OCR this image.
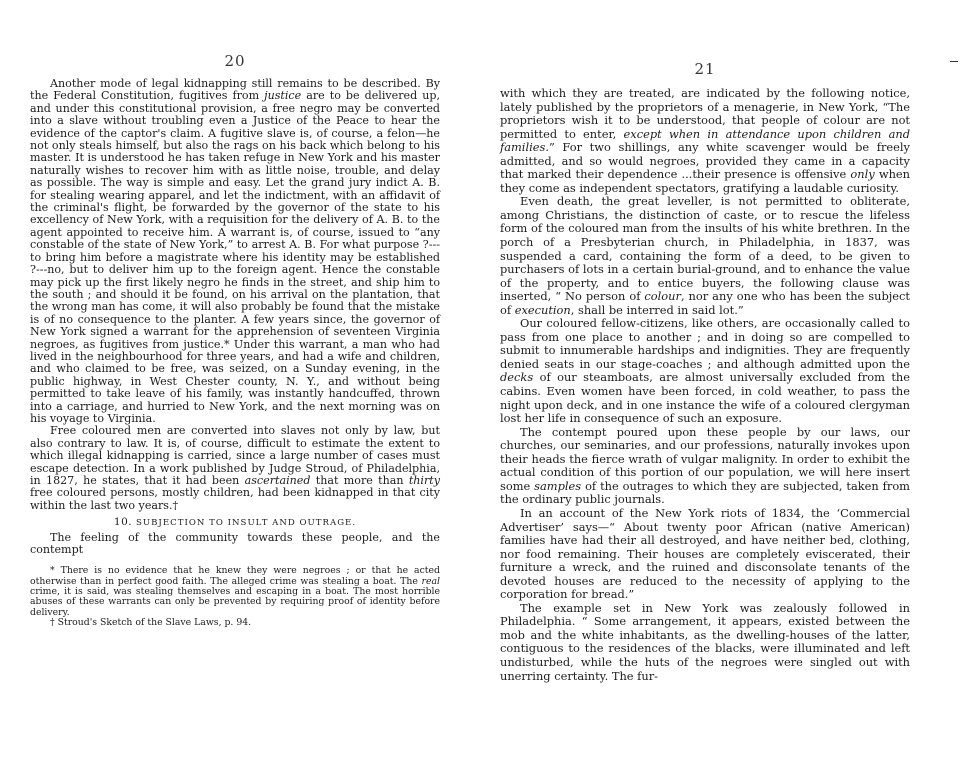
20

Another mode of legal kidnapping still remains to be described. By the Federal Constitution, fugitives from justice are to be delivered up, and under this constitutional provision, a free negro may be converted into a slave without troubling even a Justice of the Peace to hear the evidence of the captor's claim. A fugitive slave is, of course, a felon—he not only steals himself, but also the rags on his back which belong to his master. It is understood he has taken refuge in New York and his master naturally wishes to recover him with as little noise, trouble, and delay as possible. The way is simple and easy. Let the grand jury indict A. B. for stealing wearing apparel, and let the indictment, with an affidavit of the criminal's flight, be forwarded by the governor of the state to his excellency of New York, with a requisition for the delivery of A. B. to the agent appointed to receive him. A warrant is, of course, issued to “any constable of the state of New York,” to arrest A. B. For what purpose ?---to bring him before a magistrate where his identity may be established ?---no, but to deliver him up to the foreign agent. Hence the constable may pick up the first likely negro he finds in the street, and ship him to the south ; and should it be found, on his arrival on the plantation, that the wrong man has come, it will also probably be found that the mistake is of no consequence to the planter. A few years since, the governor of New York signed a warrant for the apprehension of seventeen Virginia negroes, as fugitives from justice.* Under this warrant, a man who had lived in the neighbourhood for three years, and had a wife and children, and who claimed to be free, was seized, on a Sunday evening, in the public highway, in West Chester county, N. Y., and without being permitted to take leave of his family, was instantly handcuffed, thrown into a carriage, and hurried to New York, and the next morning was on his voyage to Virginia.

Free coloured men are converted into slaves not only by law, but also contrary to law. It is, of course, difficult to estimate the extent to which illegal kidnapping is carried, since a large number of cases must escape detection. In a work published by Judge Stroud, of Philadelphia, in 1827, he states, that it had been ascertained that more than thirty free coloured persons, mostly children, had been kidnapped in that city within the last two years.†

10. SUBJECTION TO INSULT AND OUTRAGE.

The feeling of the community towards these people, and the contempt

* There is no evidence that he knew they were negroes ; or that he acted otherwise than in perfect good faith. The alleged crime was stealing a boat. The real crime, it is said, was stealing themselves and escaping in a boat. The most horrible abuses of these warrants can only be prevented by requiring proof of identity before delivery.

† Stroud's Sketch of the Slave Laws, p. 94.

21

with which they are treated, are indicated by the following notice, lately published by the proprietors of a menagerie, in New York, “The proprietors wish it to be understood, that people of colour are not permitted to enter, except when in attendance upon children and families.” For two shillings, any white scavenger would be freely admitted, and so would negroes, provided they came in a capacity that marked their dependence ...their presence is offensive only when they come as independent spectators, gratifying a laudable curiosity.

Even death, the great leveller, is not permitted to obliterate, among Christians, the distinction of caste, or to rescue the lifeless form of the coloured man from the insults of his white brethren. In the porch of a Presbyterian church, in Philadelphia, in 1837, was suspended a card, containing the form of a deed, to be given to purchasers of lots in a certain burial-ground, and to enhance the value of the property, and to entice buyers, the following clause was inserted, “ No person of colour, nor any one who has been the subject of execution, shall be interred in said lot.”

Our coloured fellow-citizens, like others, are occasionally called to pass from one place to another ; and in doing so are compelled to submit to innumerable hardships and indignities. They are frequently denied seats in our stage-coaches ; and although admitted upon the decks of our steamboats, are almost universally excluded from the cabins. Even women have been forced, in cold weather, to pass the night upon deck, and in one instance the wife of a coloured clergyman lost her life in consequence of such an exposure.

The contempt poured upon these people by our laws, our churches, our seminaries, and our professions, naturally invokes upon their heads the fierce wrath of vulgar malignity. In order to exhibit the actual condition of this portion of our population, we will here insert some samples of the outrages to which they are subjected, taken from the ordinary public journals.

In an account of the New York riots of 1834, the ‘Commercial Advertiser’ says—“ About twenty poor African (native American) families have had their all destroyed, and have neither bed, clothing, nor food remaining. Their houses are completely eviscerated, their furniture a wreck, and the ruined and disconsolate tenants of the devoted houses are reduced to the necessity of applying to the corporation for bread.”

The example set in New York was zealously followed in Philadelphia. “ Some arrangement, it appears, existed between the mob and the white inhabitants, as the dwelling-houses of the latter, contiguous to the residences of the blacks, were illuminated and left undisturbed, while the huts of the negroes were singled out with unerring certainty. The fur-
